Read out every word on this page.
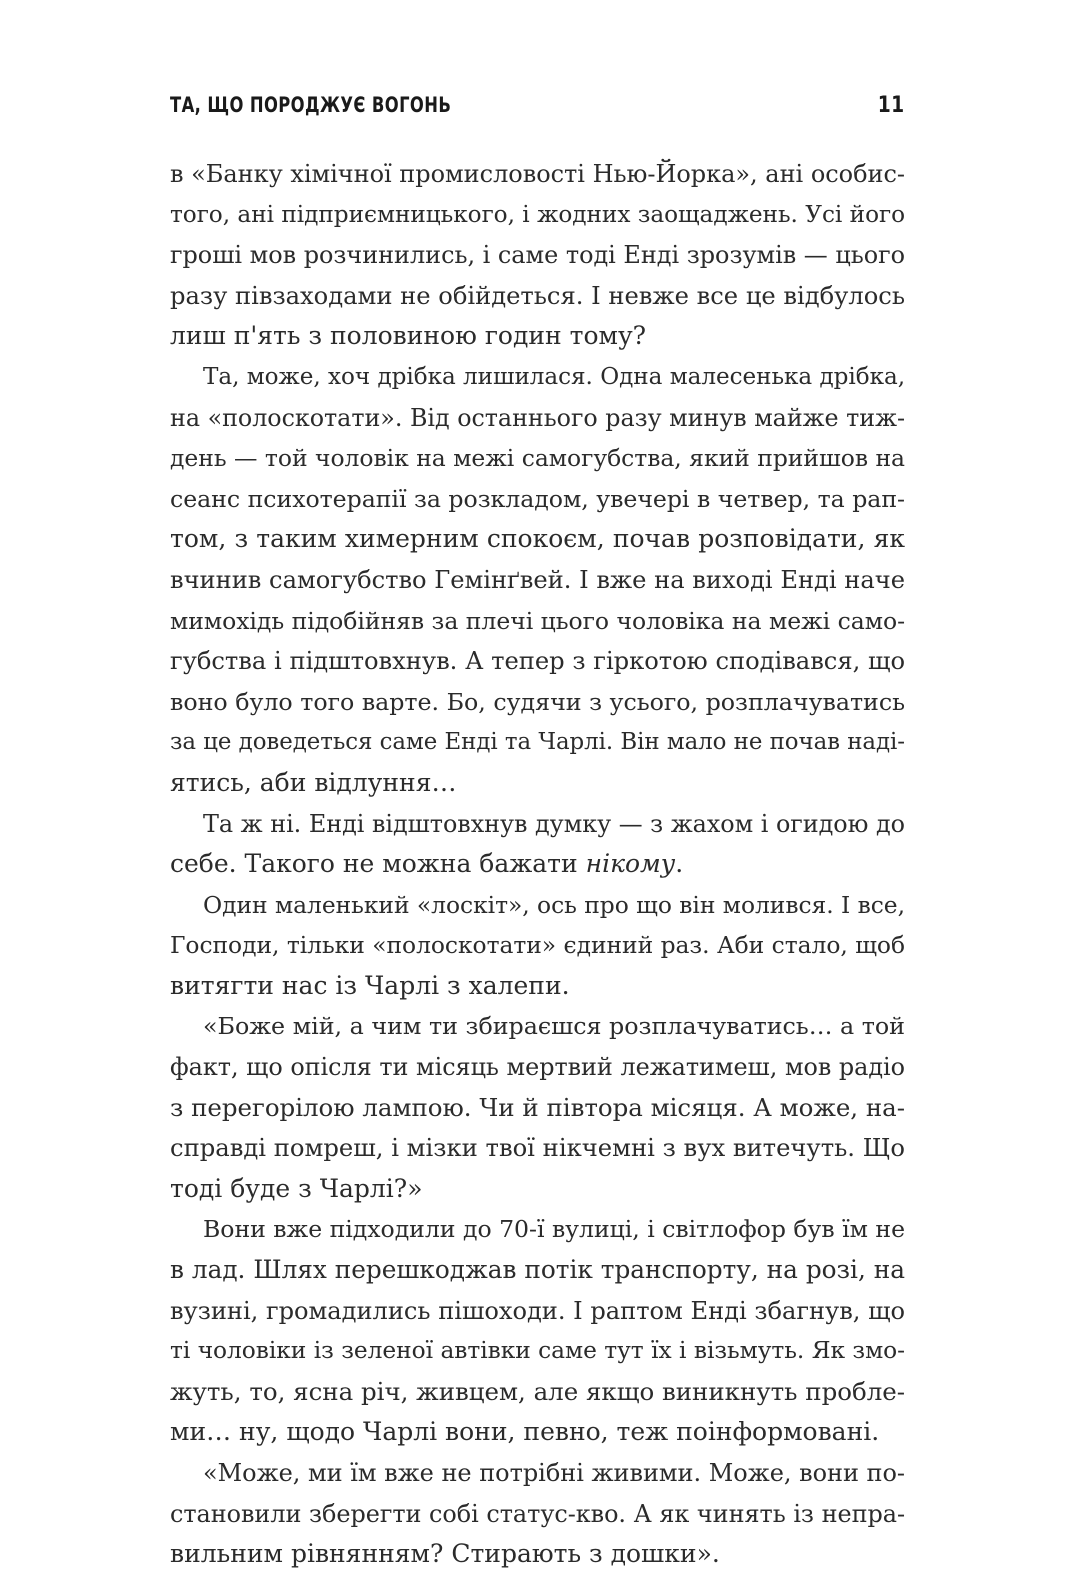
ТА, ЩО ПОРОДЖУЄ ВОГОНЬ	11
в «Банку хімічної промисловості Нью-Йорка», ані особис-
того, ані підприємницького, і жодних заощаджень. Усі його
гроші мов розчинились, і саме тоді Енді зрозумів — цього
разу півзаходами не обійдеться. І невже все це відбулось
лиш п'ять з половиною годин тому?
Та, може, хоч дрібка лишилася. Одна малесенька дрібка,
на «полоскотати». Від останнього разу минув майже тиж-
день — той чоловік на межі самогубства, який прийшов на
сеанс психотерапії за розкладом, увечері в четвер, та рап-
том, з таким химерним спокоєм, почав розповідати, як
вчинив самогубство Гемінґвей. І вже на виході Енді наче
мимохідь підобійняв за плечі цього чоловіка на межі само-
губства і підштовхнув. А тепер з гіркотою сподівався, що
воно було того варте. Бо, судячи з усього, розплачуватись
за це доведеться саме Енді та Чарлі. Він мало не почав наді-
ятись, аби відлуння…
Та ж ні. Енді відштовхнув думку — з жахом і огидою до
себе. Такого не можна бажати нікому.
Один маленький «лоскіт», ось про що він молився. І все,
Господи, тільки «полоскотати» єдиний раз. Аби стало, щоб
витягти нас із Чарлі з халепи.
«Боже мій, а чим ти збираєшся розплачуватись… а той
факт, що опісля ти місяць мертвий лежатимеш, мов радіо
з перегорілою лампою. Чи й півтора місяця. А може, на-
справді помреш, і мізки твої нікчемні з вух витечуть. Що
тоді буде з Чарлі?»
Вони вже підходили до 70-ї вулиці, і світлофор був їм не
в лад. Шлях перешкоджав потік транспорту, на розі, на
вузині, громадились пішоходи. І раптом Енді збагнув, що
ті чоловіки із зеленої автівки саме тут їх і візьмуть. Як змо-
жуть, то, ясна річ, живцем, але якщо виникнуть пробле-
ми… ну, щодо Чарлі вони, певно, теж поінформовані.
«Може, ми їм вже не потрібні живими. Може, вони по-
становили зберегти собі статус-кво. А як чинять із непра-
вильним рівнянням? Стирають з дошки».
